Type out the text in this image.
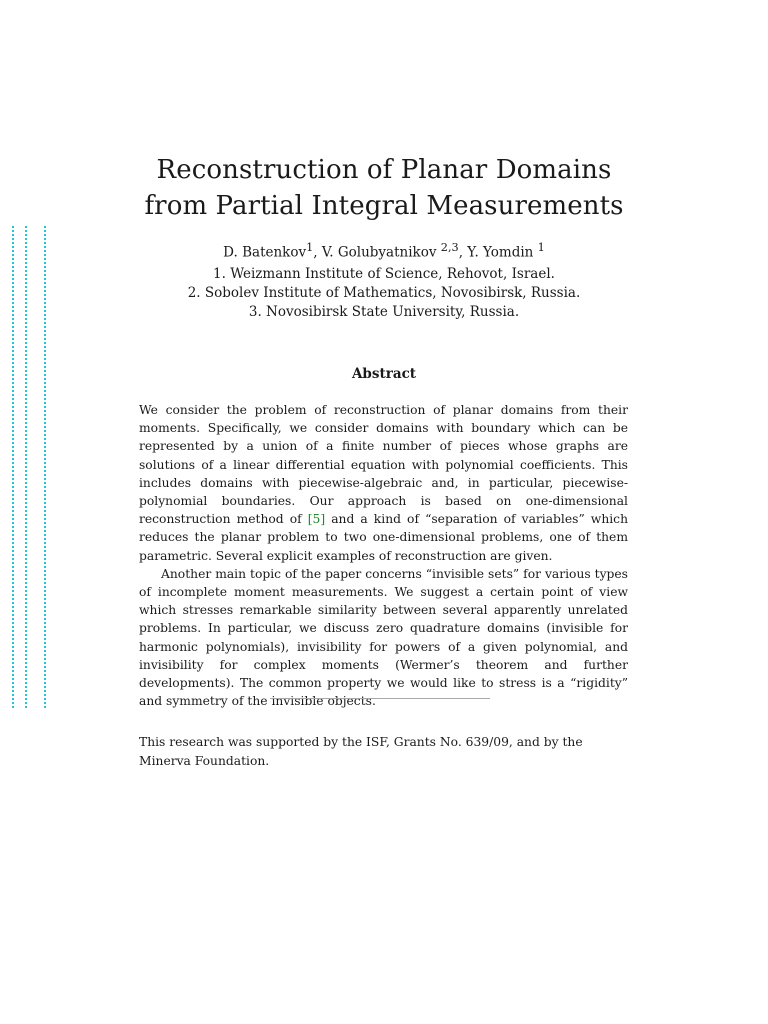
Reconstruction of Planar Domains
from Partial Integral Measurements
D. Batenkov$^1$, V. Golubyatnikov $^{2,3}$, Y. Yomdin $^1$
1. Weizmann Institute of Science, Rehovot, Israel.
2. Sobolev Institute of Mathematics, Novosibirsk, Russia.
3. Novosibirsk State University, Russia.
Abstract

We consider the problem of reconstruction of planar domains from their moments. Specifically, we consider domains with boundary which can be represented by a union of a finite number of pieces whose graphs are solutions of a linear differential equation with polynomial coefficients. This includes domains with piecewise-algebraic and, in particular, piecewise-polynomial boundaries. Our approach is based on one-dimensional reconstruction method of [5] and a kind of “separation of variables” which reduces the planar problem to two one-dimensional problems, one of them parametric. Several explicit examples of reconstruction are given.

Another main topic of the paper concerns “invisible sets” for various types of incomplete moment measurements. We suggest a certain point of view which stresses remarkable similarity between several apparently unrelated problems. In particular, we discuss zero quadrature domains (invisible for harmonic polynomials), invisibility for powers of a given polynomial, and invisibility for complex moments (Wermer’s theorem and further developments). The common property we would like to stress is a “rigidity” and symmetry of the invisible objects.

This research was supported by the ISF, Grants No. 639/09, and by the Minerva Foundation.
